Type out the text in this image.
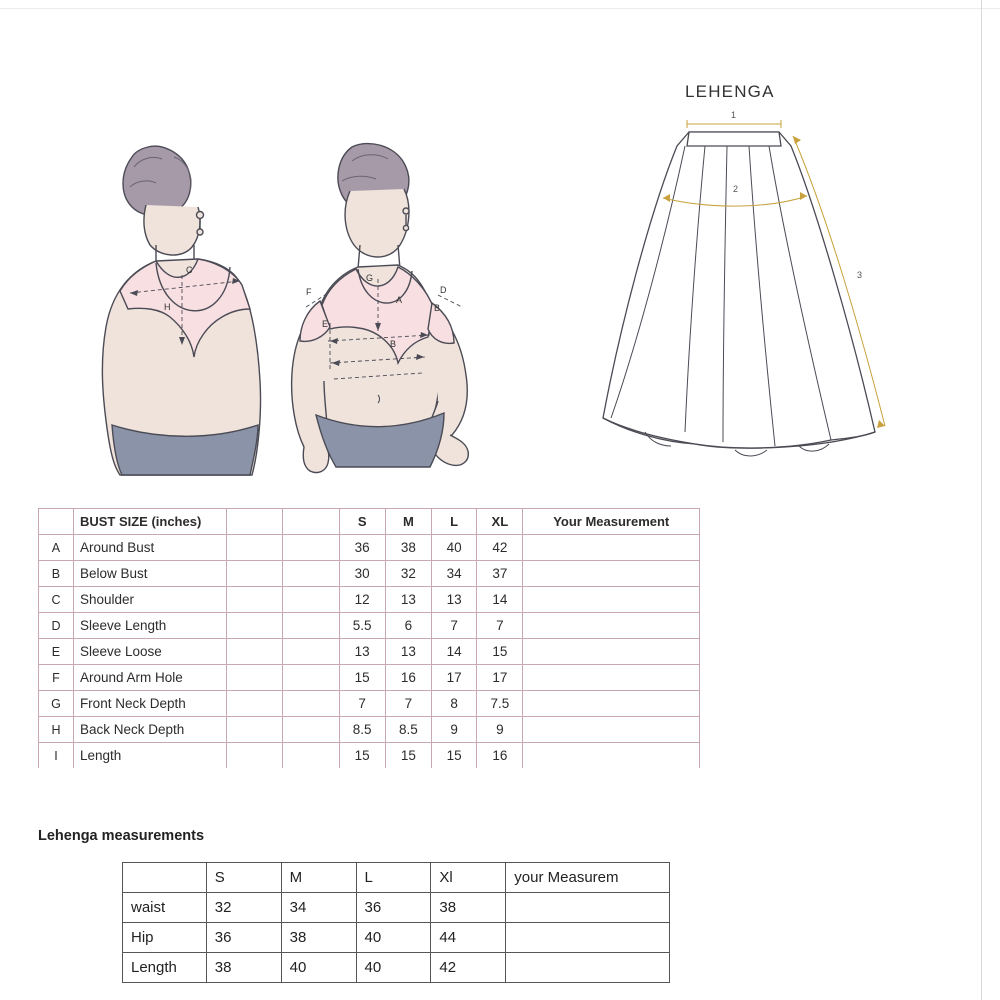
C
H
F	D
G
A
B
E
B
LEHENGA
1
2
3
	BUST SIZE (inches)			S	M	L	XL	Your Measurement
A	Around Bust			36	38	40	42	
B	Below Bust			30	32	34	37	
C	Shoulder			12	13	13	14	
D	Sleeve Length			5.5	6	7	7	
E	Sleeve Loose			13	13	14	15	
F	Around Arm Hole			15	16	17	17	
G	Front Neck Depth			7	7	8	7.5	
H	Back Neck Depth			8.5	8.5	9	9	
I	Length			15	15	15	16	
Lehenga measurements
	S	M	L	Xl	your Measurem
waist	32	34	36	38	
Hip	36	38	40	44	
Length	38	40	40	42	
